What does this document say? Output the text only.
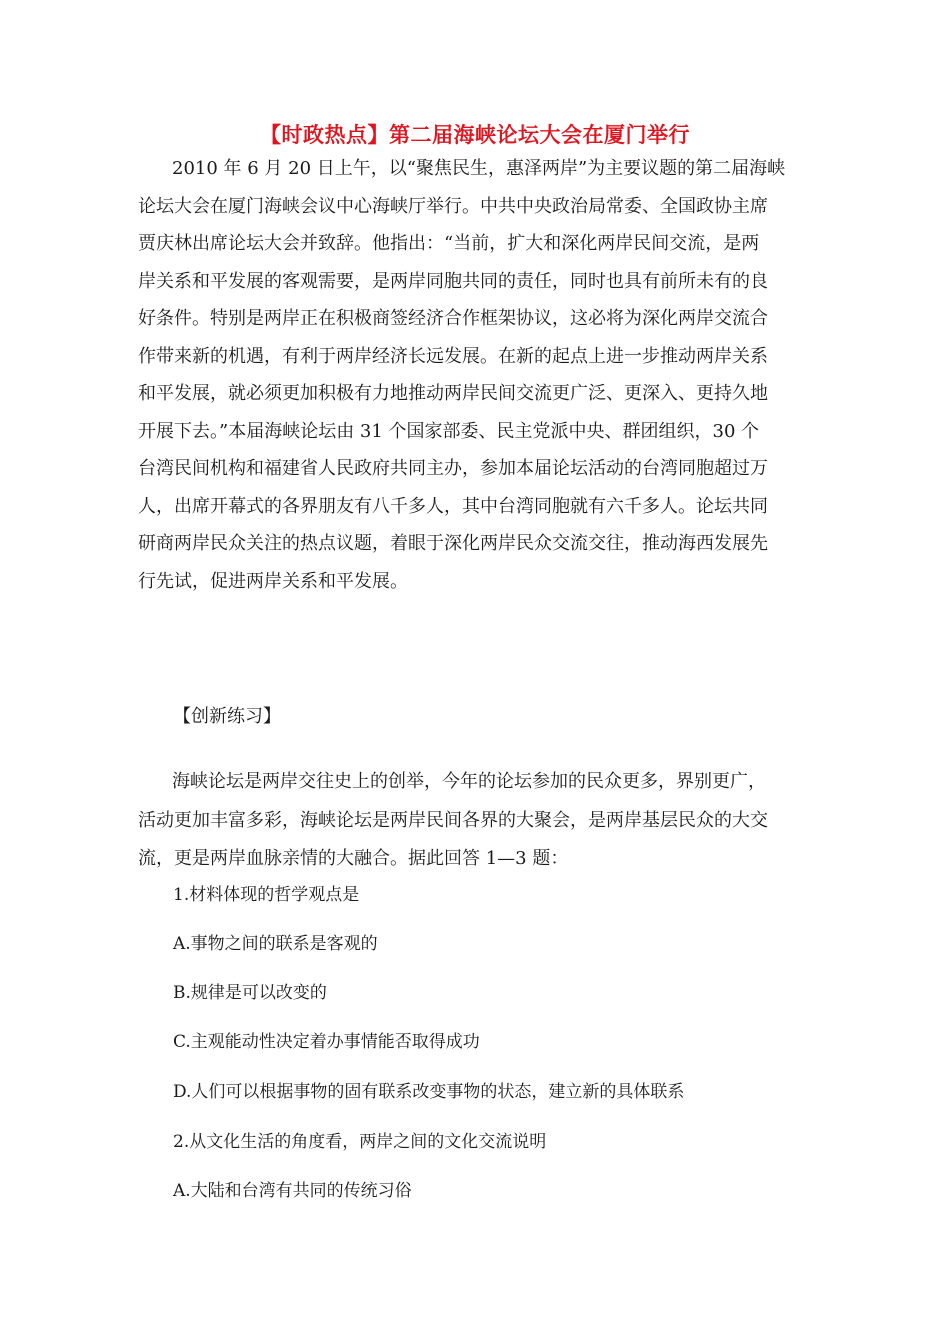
【时政热点】第二届海峡论坛大会在厦门举行

2010 年 6 月 20 日上午，以“聚焦民生，惠泽两岸”为主要议题的第二届海峡
论坛大会在厦门海峡会议中心海峡厅举行。中共中央政治局常委、全国政协主席
贾庆林出席论坛大会并致辞。他指出：“当前，扩大和深化两岸民间交流，是两
岸关系和平发展的客观需要，是两岸同胞共同的责任，同时也具有前所未有的良
好条件。特别是两岸正在积极商签经济合作框架协议，这必将为深化两岸交流合
作带来新的机遇，有利于两岸经济长远发展。在新的起点上进一步推动两岸关系
和平发展，就必须更加积极有力地推动两岸民间交流更广泛、更深入、更持久地
开展下去。”本届海峡论坛由 31 个国家部委、民主党派中央、群团组织，30 个
台湾民间机构和福建省人民政府共同主办，参加本届论坛活动的台湾同胞超过万
人，出席开幕式的各界朋友有八千多人，其中台湾同胞就有六千多人。论坛共同
研商两岸民众关注的热点议题，着眼于深化两岸民众交流交往，推动海西发展先
行先试，促进两岸关系和平发展。

【创新练习】

海峡论坛是两岸交往史上的创举，今年的论坛参加的民众更多，界别更广，
活动更加丰富多彩，海峡论坛是两岸民间各界的大聚会，是两岸基层民众的大交
流，更是两岸血脉亲情的大融合。据此回答 1—3 题：

1.材料体现的哲学观点是
A.事物之间的联系是客观的
B.规律是可以改变的
C.主观能动性决定着办事情能否取得成功
D.人们可以根据事物的固有联系改变事物的状态，建立新的具体联系
2.从文化生活的角度看，两岸之间的文化交流说明
A.大陆和台湾有共同的传统习俗
